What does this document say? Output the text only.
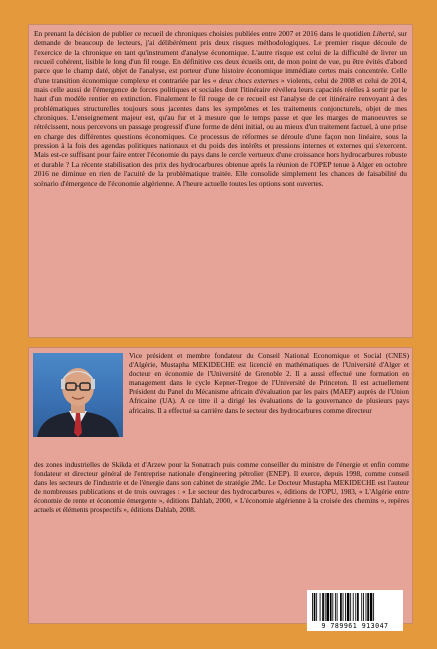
En prenant la décision de publier ce recueil de chroniques choisies publiées entre 2007 et 2016 dans le quotidien Liberté, sur demande de beaucoup de lecteurs, j'ai délibérément pris deux risques méthodologiques. Le premier risque découle de l'exercice de la chronique en tant qu'instrument d'analyse économique. L'autre risque est celui de la difficulté de livrer un recueil cohérent, lisible le long d'un fil rouge. En définitive ces deux écueils ont, de mon point de vue, pu être évités d'abord parce que le champ daté, objet de l'analyse, est porteur d'une histoire économique immédiate certes mais concentrée. Celle d'une transition économique complexe et contrariée par les « deux chocs externes » violents, celui de 2008 et celui de 2014, mais celle aussi de l'émergence de forces politiques et sociales dont l'itinéraire révélera leurs capacités réelles à sortir par le haut d'un modèle rentier en extinction. Finalement le fil rouge de ce recueil est l'analyse de cet itinéraire renvoyant à des problématiques structurelles toujours sous jacentes dans les symptômes et les traitements conjoncturels, objet de mes chroniques. L'enseignement majeur est, qu'au fur et à mesure que le temps passe et que les marges de manoeuvres se rétrécissent, nous percevons un passage progressif d'une forme de déni initial, ou au mieux d'un traitement factuel, à une prise en charge des différentes questions économiques. Ce processus de réformes se déroule d'une façon non linéaire, sous la pression à la fois des agendas politiques nationaux et du poids des intérêts et pressions internes et externes qui s'exercent. Mais est-ce suffisant pour faire entrer l'économie du pays dans le cercle vertueux d'une croissance hors hydrocarbures robuste et durable ? La récente stabilisation des prix des hydrocarbures obtenue après la réunion de l'OPEP tenue à Alger en octobre 2016 ne diminue en rien de l'acuité de la problématique traitée. Elle consolide simplement les chances de faisabilité du scénario d'émergence de l'économie algérienne. A l'heure actuelle toutes les options sont ouvertes.

Vice président et membre fondateur du Conseil National Economique et Social (CNES) d'Algérie, Mustapha MEKIDECHE est licencié en mathématiques de l'Université d'Alger et docteur en économie de l'Université de Grenoble 2. Il a aussi effectué une formation en management dans le cycle Kepner-Tregoe de l'Université de Princeton. Il est actuellement Président du Panel du Mécanisme africain d'évaluation par les pairs (MAEP) auprès de l'Union Africaine (UA). A ce titre il a dirigé les évaluations de la gouvernance de plusieurs pays africains. Il a effectué sa carrière dans le secteur des hydrocarbures comme directeur

des zones industrielles de Skikda et d'Arzew pour la Sonatrach puis comme conseiller du ministre de l'énergie et enfin comme fondateur et directeur général de l'entreprise nationale d'engineering pétrolier (ENEP). Il exerce, depuis 1998, comme conseil dans les secteurs de l'industrie et de l'énergie dans son cabinet de stratégie 2Mc. Le Docteur Mustapha MEKIDECHE est l'auteur de nombreuses publications et de trois ouvrages : « Le secteur des hydrocarbures », éditions de l'OPU, 1983, « L'Algérie entre économie de rente et économie émergente », éditions Dahlab, 2000, « L'économie algérienne à la croisée des chemins », repères actuels et éléments prospectifs », éditions Dahlab, 2008.

9 789961 913047
